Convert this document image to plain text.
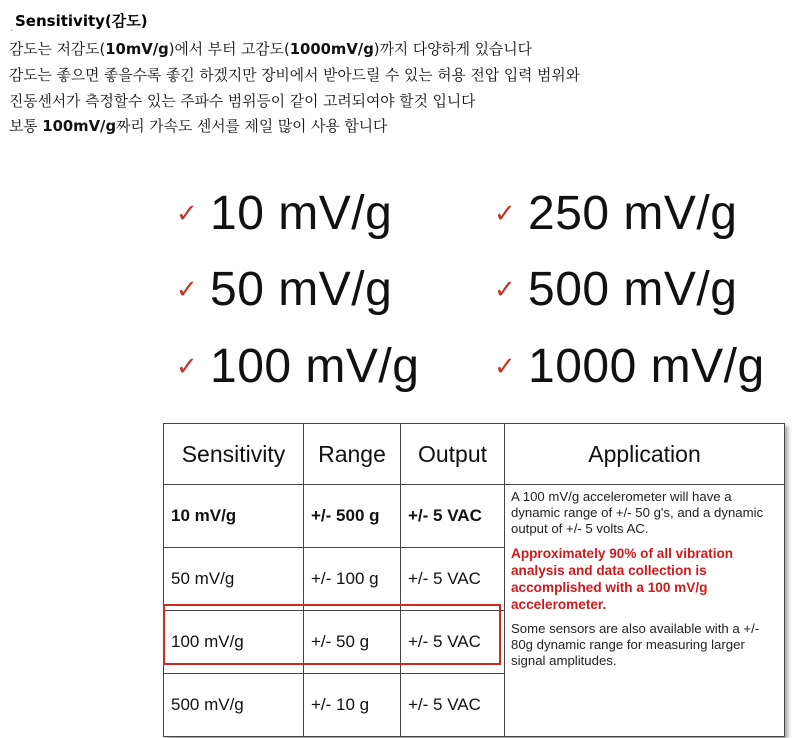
. Sensitivity(감도)
감도는 저감도(10mV/g)에서 부터 고감도(1000mV/g)까지 다양하게 있습니다
감도는 좋으면 좋을수록 좋긴 하겠지만 장비에서 받아드릴 수 있는 허용 전압 입력 범위와
진동센서가 측정할수 있는 주파수 범위등이 같이 고려되여야 할것 입니다
보통 100mV/g짜리 가속도 센서를 제일 많이 사용 합니다
✓ 10 mV/g
✓ 50 mV/g
✓ 100 mV/g
✓ 250 mV/g
✓ 500 mV/g
✓ 1000 mV/g
Sensitivity	Range	Output	Application
10 mV/g	+/- 500 g	+/- 5 VAC	A 100 mV/g accelerometer will have a dynamic range of +/- 50 g's, and a dynamic output of +/- 5 volts AC.

Approximately 90% of all vibration analysis and data collection is accomplished with a 100 mV/g accelerometer.

Some sensors are also available with a +/- 80g dynamic range for measuring larger signal amplitudes.

50 mV/g	+/- 100 g	+/- 5 VAC	
100 mV/g	+/- 50 g	+/- 5 VAC	
500 mV/g	+/- 10 g	+/- 5 VAC	
